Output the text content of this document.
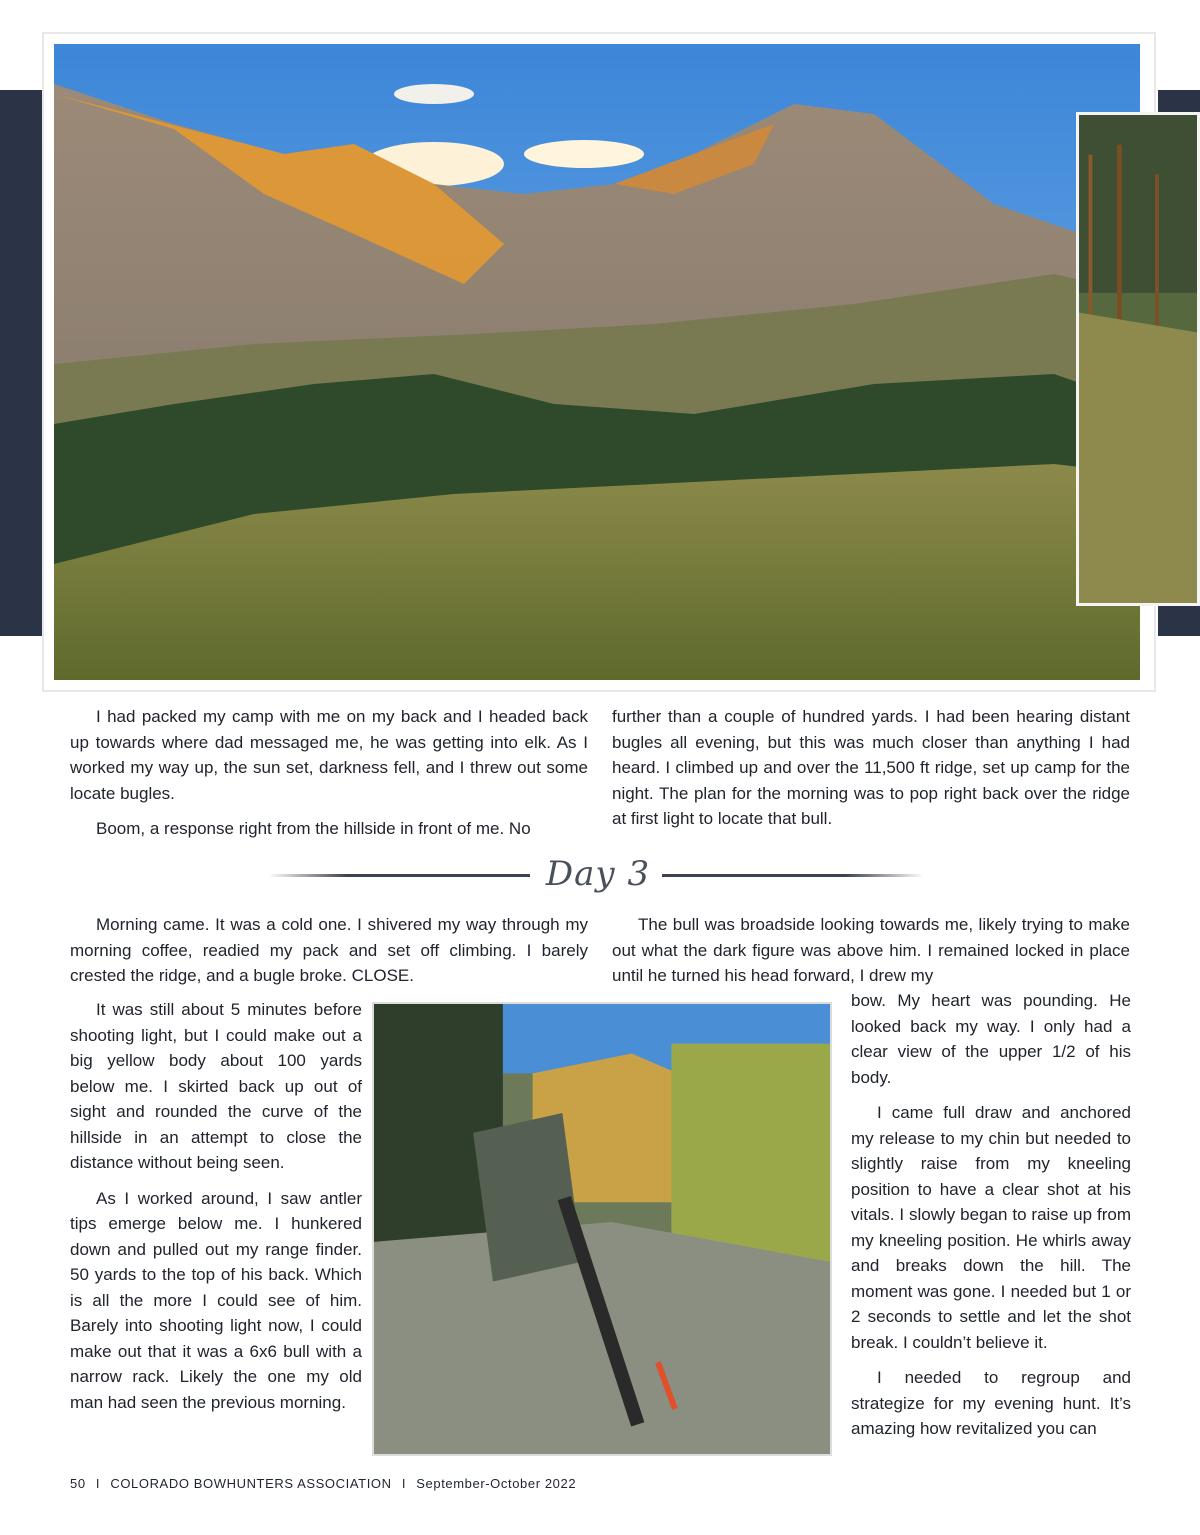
I had packed my camp with me on my back and I headed back up towards where dad messaged me, he was getting into elk. As I worked my way up, the sun set, darkness fell, and I threw out some locate bugles.

Boom, a response right from the hillside in front of me. No

further than a couple of hundred yards. I had been hearing distant bugles all evening, but this was much closer than anything I had heard. I climbed up and over the 11,500 ft ridge, set up camp for the night. The plan for the morning was to pop right back over the ridge at first light to locate that bull.

Day 3

Morning came. It was a cold one. I shivered my way through my morning coffee, readied my pack and set off climbing. I barely crested the ridge, and a bugle broke. CLOSE.

It was still about 5 minutes before shooting light, but I could make out a big yellow body about 100 yards below me. I skirted back up out of sight and rounded the curve of the hillside in an attempt to close the distance without being seen.

As I worked around, I saw antler tips emerge below me. I hunkered down and pulled out my range finder. 50 yards to the top of his back. Which is all the more I could see of him. Barely into shooting light now, I could make out that it was a 6x6 bull with a narrow rack. Likely the one my old man had seen the previous morning.

The bull was broadside looking towards me, likely trying to make out what the dark figure was above him. I remained locked in place until he turned his head forward, I drew my

bow. My heart was pounding. He looked back my way. I only had a clear view of the upper 1/2 of his body.

I came full draw and anchored my release to my chin but needed to slightly raise from my kneeling position to have a clear shot at his vitals. I slowly began to raise up from my kneeling position. He whirls away and breaks down the hill. The moment was gone. I needed but 1 or 2 seconds to settle and let the shot break. I couldn’t believe it.

I needed to regroup and strategize for my evening hunt. It’s amazing how revitalized you can

50 I COLORADO BOWHUNTERS ASSOCIATION I September-October 2022
